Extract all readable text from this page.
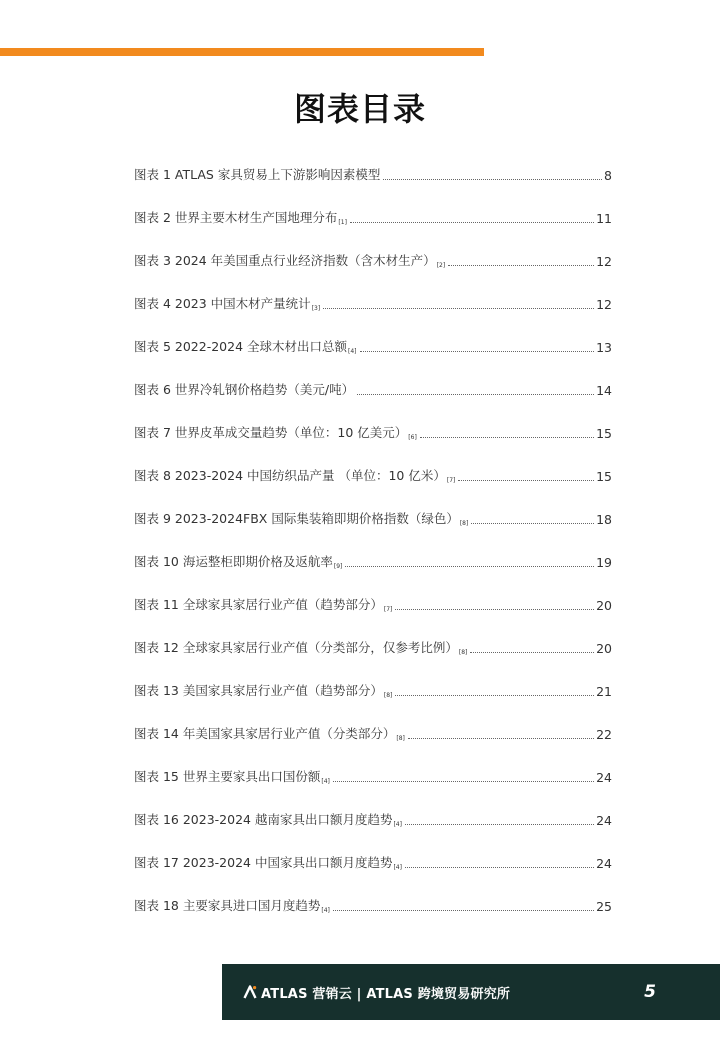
图表目录
图表 1 ATLAS 家具贸易上下游影响因素模型	8
图表 2 世界主要木材生产国地理分布 [1]	11
图表 3 2024 年美国重点行业经济指数（含木材生产） [2]	12
图表 4 2023 中国木材产量统计 [3]	12
图表 5 2022-2024 全球木材出口总额 [4]	13
图表 6 世界冷轧钢价格趋势（美元/吨）	14
图表 7 世界皮革成交量趋势（单位：10 亿美元） [6]	15
图表 8 2023-2024 中国纺织品产量 （单位：10 亿米） [7]	15
图表 9 2023-2024FBX 国际集装箱即期价格指数（绿色） [8]	18
图表 10 海运整柜即期价格及返航率 [9]	19
图表 11 全球家具家居行业产值（趋势部分） [7]	20
图表 12 全球家具家居行业产值（分类部分，仅参考比例） [8]	20
图表 13 美国家具家居行业产值（趋势部分） [8]	21
图表 14 年美国家具家居行业产值（分类部分） [8]	22
图表 15 世界主要家具出口国份额 [4]	24
图表 16 2023-2024 越南家具出口额月度趋势 [4]	24
图表 17 2023-2024 中国家具出口额月度趋势 [4]	24
图表 18 主要家具进口国月度趋势 [4]	25
ATLAS 营销云 | ATLAS 跨境贸易研究所	5
